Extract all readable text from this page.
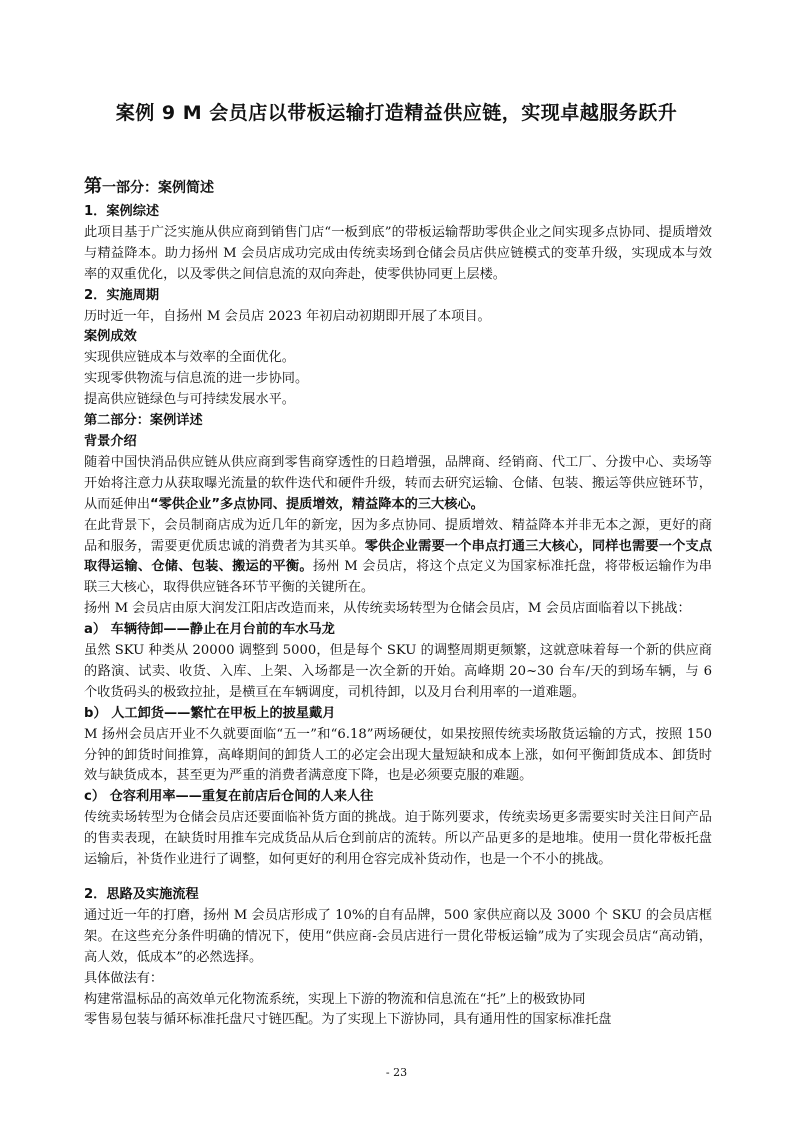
案例 9 M 会员店以带板运输打造精益供应链，实现卓越服务跃升
第一部分：案例简述

1．案例综述

此项目基于广泛实施从供应商到销售门店“一板到底”的带板运输帮助零供企业之间实现多点协同、提质增效与精益降本。助力扬州 M 会员店成功完成由传统卖场到仓储会员店供应链模式的变革升级，实现成本与效率的双重优化，以及零供之间信息流的双向奔赴，使零供协同更上层楼。

2．实施周期

历时近一年，自扬州 M 会员店 2023 年初启动初期即开展了本项目。

案例成效

实现供应链成本与效率的全面优化。

实现零供物流与信息流的进一步协同。

提高供应链绿色与可持续发展水平。

第二部分：案例详述

背景介绍

随着中国快消品供应链从供应商到零售商穿透性的日趋增强，品牌商、经销商、代工厂、分拨中心、卖场等开始将注意力从获取曝光流量的软件迭代和硬件升级，转而去研究运输、仓储、包装、搬运等供应链环节，从而延伸出“零供企业”多点协同、提质增效，精益降本的三大核心。

在此背景下，会员制商店成为近几年的新宠，因为多点协同、提质增效、精益降本并非无本之源，更好的商品和服务，需要更优质忠诚的消费者为其买单。零供企业需要一个串点打通三大核心，同样也需要一个支点取得运输、仓储、包装、搬运的平衡。扬州 M 会员店，将这个点定义为国家标准托盘，将带板运输作为串联三大核心，取得供应链各环节平衡的关键所在。

扬州 M 会员店由原大润发江阳店改造而来，从传统卖场转型为仓储会员店，M 会员店面临着以下挑战：

a） 车辆待卸——静止在月台前的车水马龙

虽然 SKU 种类从 20000 调整到 5000，但是每个 SKU 的调整周期更频繁，这就意味着每一个新的供应商的路演、试卖、收货、入库、上架、入场都是一次全新的开始。高峰期 20~30 台车/天的到场车辆，与 6 个收货码头的极致拉扯，是横亘在车辆调度，司机待卸，以及月台利用率的一道难题。

b） 人工卸货——繁忙在甲板上的披星戴月

M 扬州会员店开业不久就要面临“五一”和“6.18”两场硬仗，如果按照传统卖场散货运输的方式，按照 150 分钟的卸货时间推算，高峰期间的卸货人工的必定会出现大量短缺和成本上涨，如何平衡卸货成本、卸货时效与缺货成本，甚至更为严重的消费者满意度下降，也是必须要克服的难题。

c） 仓容利用率——重复在前店后仓间的人来人往

传统卖场转型为仓储会员店还要面临补货方面的挑战。迫于陈列要求，传统卖场更多需要实时关注日间产品的售卖表现，在缺货时用推车完成货品从后仓到前店的流转。所以产品更多的是地堆。使用一贯化带板托盘运输后，补货作业进行了调整，如何更好的利用仓容完成补货动作，也是一个不小的挑战。

2．思路及实施流程

通过近一年的打磨，扬州 M 会员店形成了 10%的自有品牌，500 家供应商以及 3000 个 SKU 的会员店框架。在这些充分条件明确的情况下，使用“供应商-会员店进行一贯化带板运输”成为了实现会员店“高动销，高人效，低成本”的必然选择。

具体做法有：

构建常温标品的高效单元化物流系统，实现上下游的物流和信息流在“托”上的极致协同

零售易包装与循环标准托盘尺寸链匹配。为了实现上下游协同，具有通用性的国家标准托盘

- 23
